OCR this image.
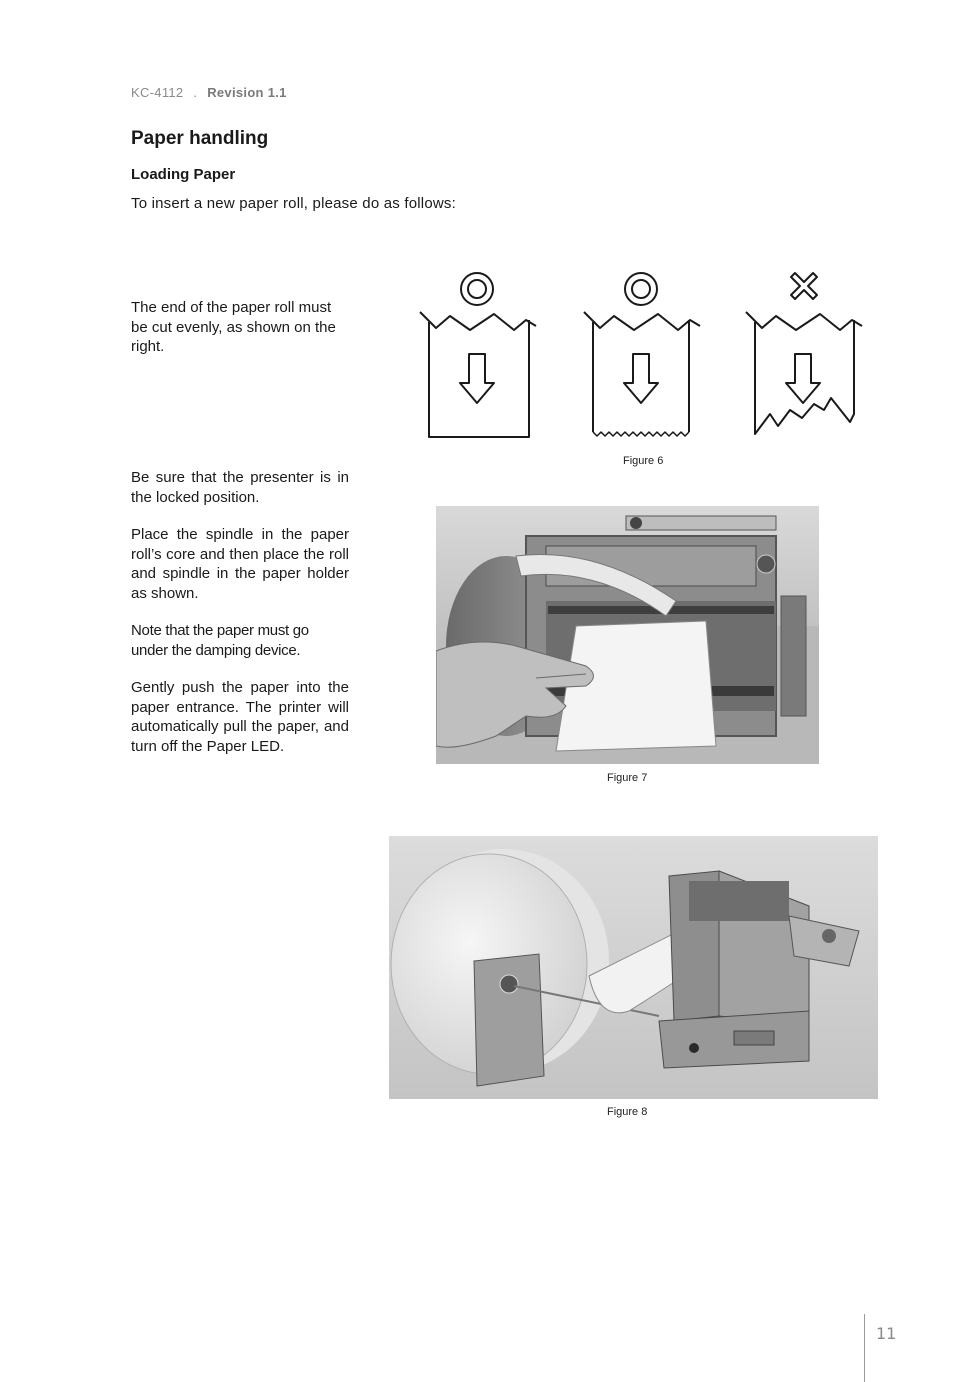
KC-4112 . Revision 1.1
Paper handling
Loading Paper

To insert a new paper roll, please do as follows:

The end of the paper roll must be cut evenly, as shown on the right.

Be sure that the presenter is in the locked position.

Place the spindle in the paper roll’s core and then place the roll and spindle in the paper holder as shown.

Note that the paper must go under the damping device.

Gently push the paper into the paper entrance. The printer will automatically pull the paper, and turn off the Paper LED.

Figure 6
Figure 7
Figure 8
11
